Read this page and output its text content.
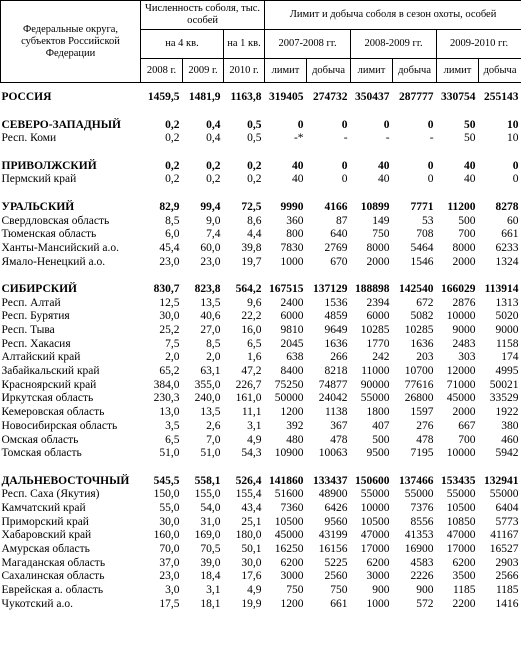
Федеральные округа, субъектов Российской Федерации	Численность соболя, тыс. особей			Лимит и добыча соболя в сезон охоты, особей					
	на 4 кв.		на 1 кв.	2007-2008 гг.		2008-2009 гг.		2009-2010 гг.	
	2008 г.	2009 г.	2010 г.	лимит	добыча	лимит	добыча	лимит	добыча

РОССИЯ	1459,5	1481,9	1163,8	319405	274732	350437	287777	330754	255143

СЕВЕРО-ЗАПАДНЫЙ	0,2	0,4	0,5	0	0	0	0	50	10
Респ. Коми	0,2	0,4	0,5	-*	-	-	-	50	10

ПРИВОЛЖСКИЙ	0,2	0,2	0,2	40	0	40	0	40	0
Пермский край	0,2	0,2	0,2	40	0	40	0	40	0

УРАЛЬСКИЙ	82,9	99,4	72,5	9990	4166	10899	7771	11200	8278
Свердловская область	8,5	9,0	8,6	360	87	149	53	500	60
Тюменская область	6,0	7,4	4,4	800	640	750	708	700	661
Ханты-Мансийский а.о.	45,4	60,0	39,8	7830	2769	8000	5464	8000	6233
Ямало-Ненецкий а.о.	23,0	23,0	19,7	1000	670	2000	1546	2000	1324

СИБИРСКИЙ	830,7	823,8	564,2	167515	137129	188898	142540	166029	113914
Респ. Алтай	12,5	13,5	9,6	2400	1536	2394	672	2876	1313
Респ. Бурятия	30,0	40,6	22,2	6000	4859	6000	5082	10000	5020
Респ. Тыва	25,2	27,0	16,0	9810	9649	10285	10285	9000	9000
Респ. Хакасия	7,5	8,5	6,5	2045	1636	1770	1636	2483	1158
Алтайский край	2,0	2,0	1,6	638	266	242	203	303	174
Забайкальский край	65,2	63,1	47,2	8400	8218	11000	10700	12000	4995
Красноярский край	384,0	355,0	226,7	75250	74877	90000	77616	71000	50021
Иркутская область	230,3	240,0	161,0	50000	24042	55000	26800	45000	33529
Кемеровская область	13,0	13,5	11,1	1200	1138	1800	1597	2000	1922
Новосибирская область	3,5	2,6	3,1	392	367	407	276	667	380
Омская область	6,5	7,0	4,9	480	478	500	478	700	460
Томская область	51,0	51,0	54,3	10900	10063	9500	7195	10000	5942

ДАЛЬНЕВОСТОЧНЫЙ	545,5	558,1	526,4	141860	133437	150600	137466	153435	132941
Респ. Саха (Якутия)	150,0	155,0	155,4	51600	48900	55000	55000	55000	55000
Камчатский край	55,0	54,0	43,4	7360	6426	10000	7376	10500	6404
Приморский край	30,0	31,0	25,1	10500	9560	10500	8556	10850	5773
Хабаровский край	160,0	169,0	180,0	45000	43199	47000	41353	47000	41167
Амурская область	70,0	70,5	50,1	16250	16156	17000	16900	17000	16527
Магаданская область	37,0	39,0	30,0	6200	5225	6200	4583	6200	2903
Сахалинская область	23,0	18,4	17,6	3000	2560	3000	2226	3500	2566
Еврейская а. область	3,0	3,1	4,9	750	750	900	900	1185	1185
Чукотский а.о.	17,5	18,1	19,9	1200	661	1000	572	2200	1416
